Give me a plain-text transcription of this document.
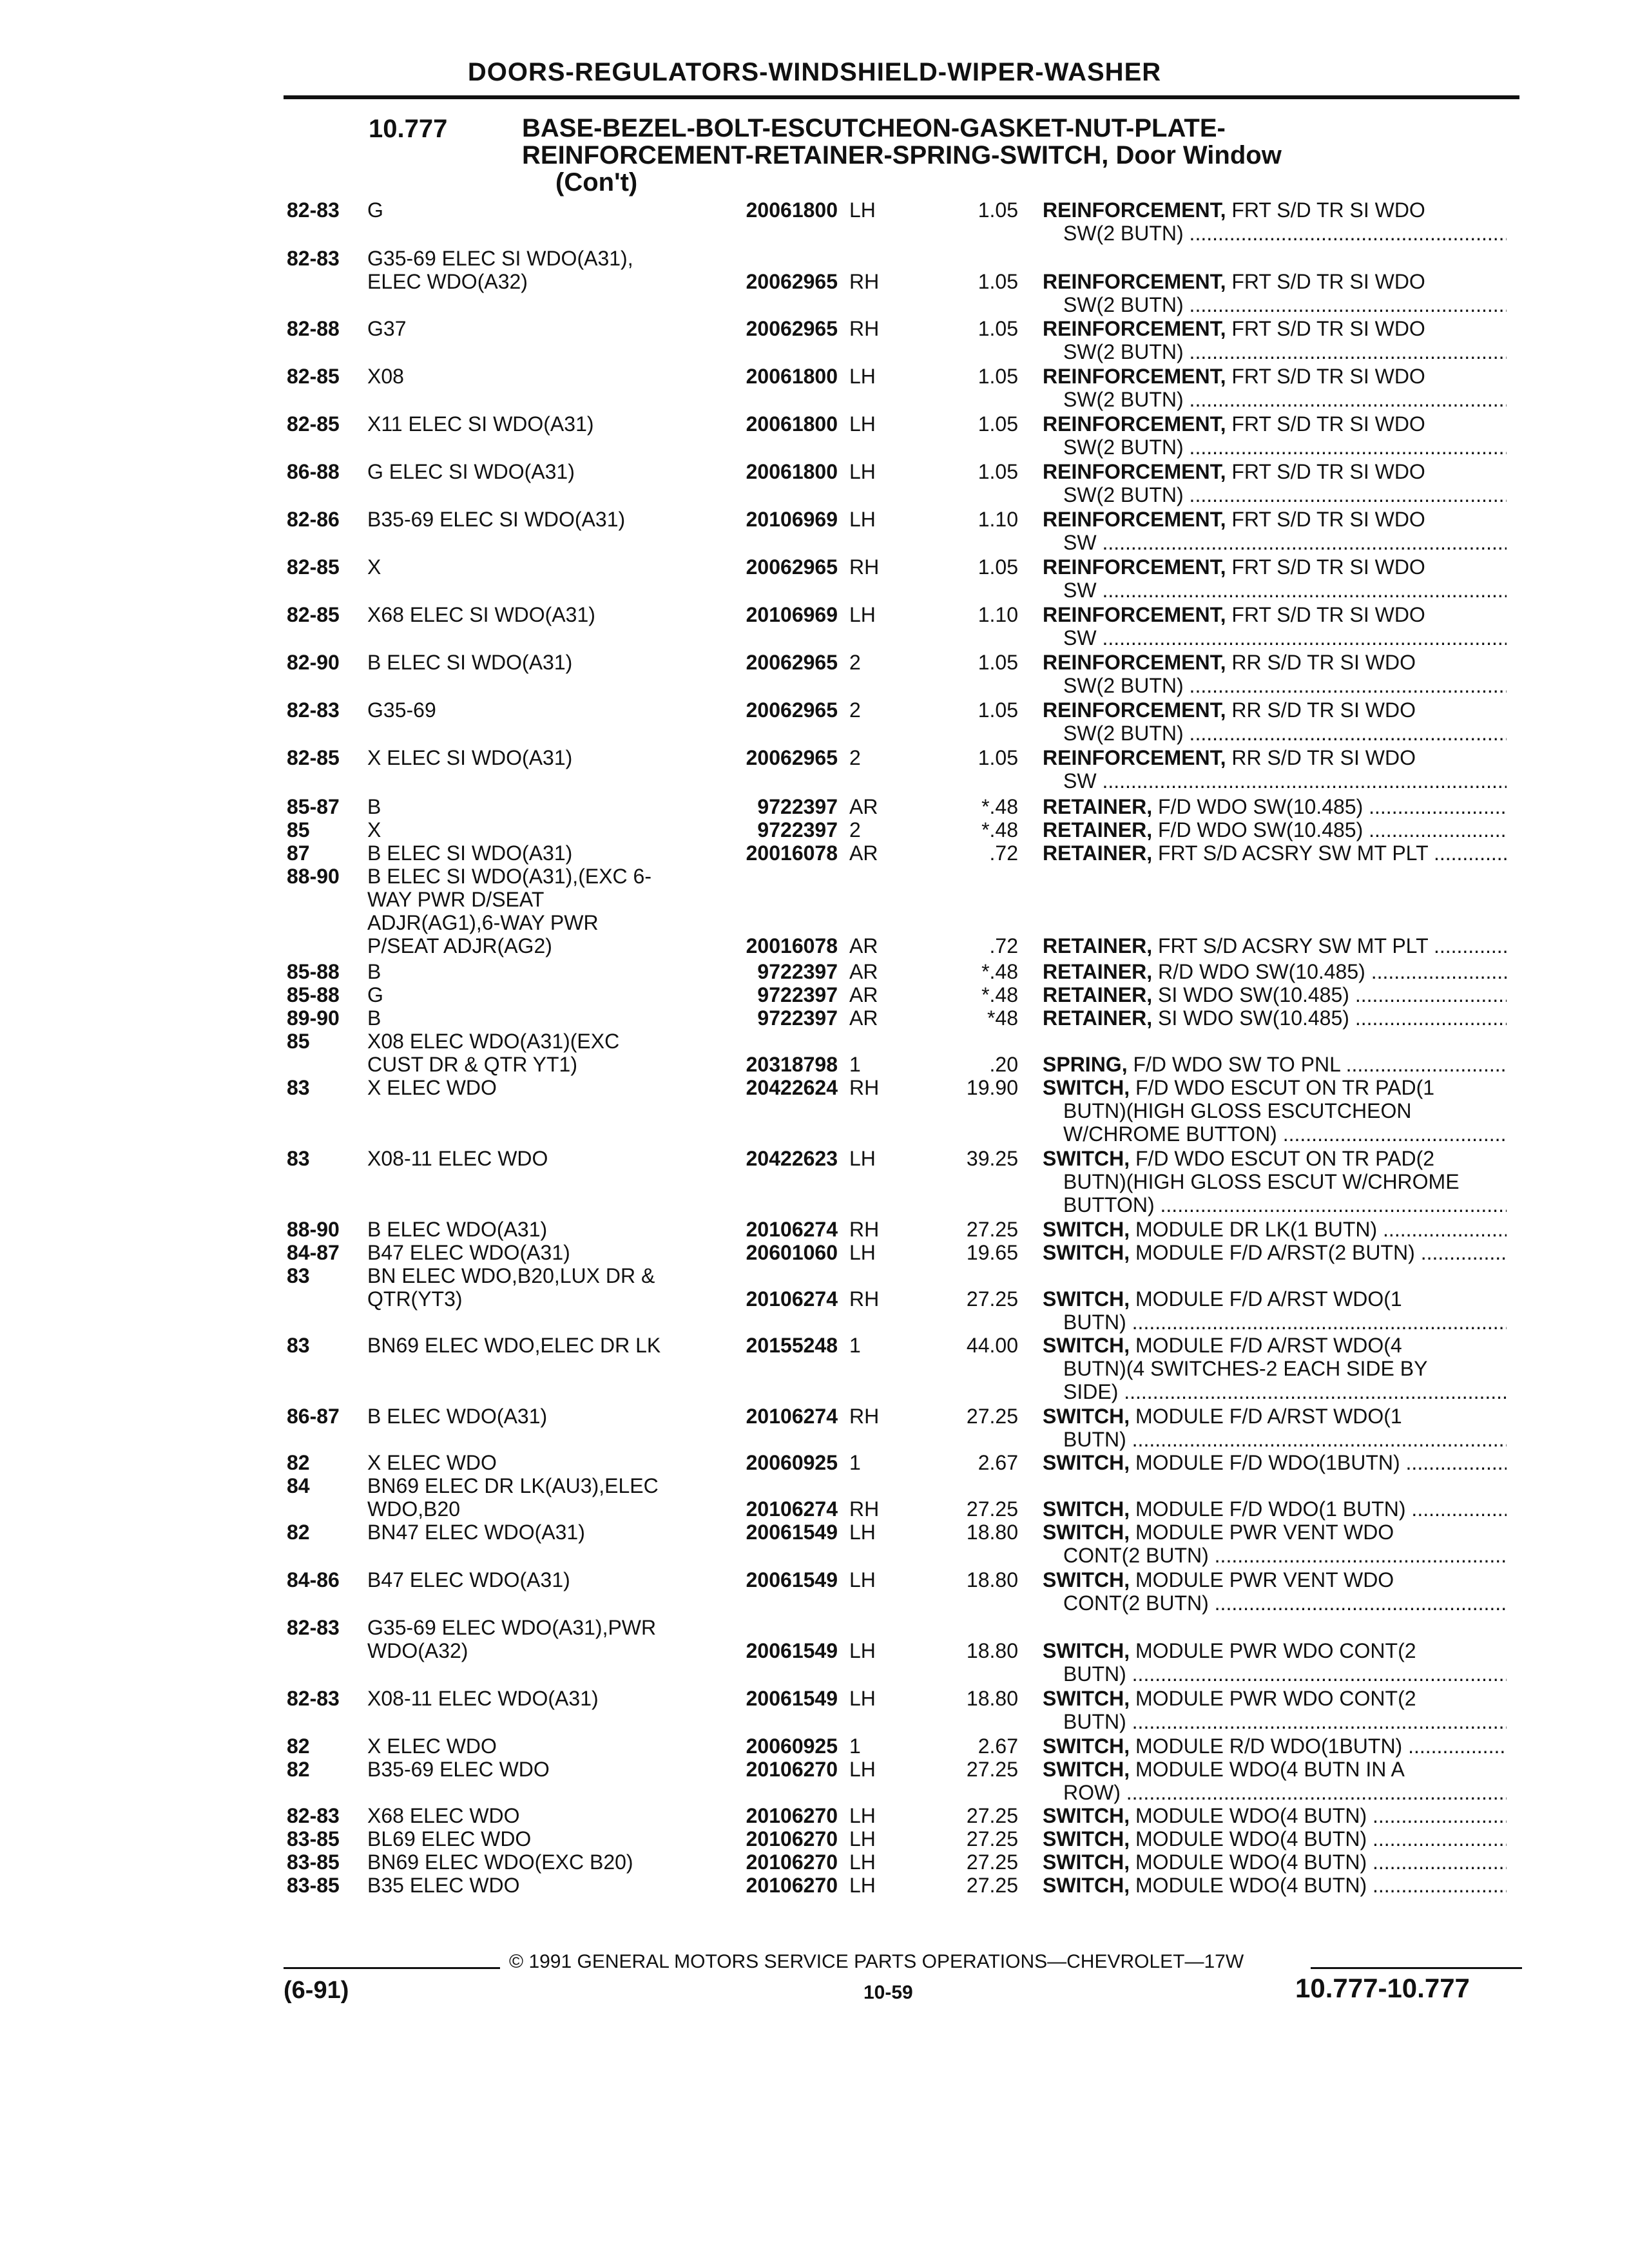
DOORS-REGULATORS-WINDSHIELD-WIPER-WASHER
10.777	BASE-BEZEL-BOLT-ESCUTCHEON-GASKET-NUT-PLATE-
REINFORCEMENT-RETAINER-SPRING-SWITCH, Door Window
(Con't)
82-83 G	20061800 LH	1.05 REINFORCEMENT, FRT S/D TR SI WDO
SW(2 BUTN) .....
82-83 G35-69 ELEC SI WDO(A31),
ELEC WDO(A32)	20062965 RH	1.05 REINFORCEMENT, FRT S/D TR SI WDO
SW(2 BUTN) .....
82-88 G37	20062965 RH	1.05 REINFORCEMENT, FRT S/D TR SI WDO
SW(2 BUTN) .....
82-85 X08	20061800 LH	1.05 REINFORCEMENT, FRT S/D TR SI WDO
SW(2 BUTN) .....
82-85 X11 ELEC SI WDO(A31)	20061800 LH	1.05 REINFORCEMENT, FRT S/D TR SI WDO
SW(2 BUTN) .....
86-88 G ELEC SI WDO(A31)	20061800 LH	1.05 REINFORCEMENT, FRT S/D TR SI WDO
SW(2 BUTN) .....
82-86 B35-69 ELEC SI WDO(A31)	20106969 LH	1.10 REINFORCEMENT, FRT S/D TR SI WDO
SW .....
82-85 X	20062965 RH	1.05 REINFORCEMENT, FRT S/D TR SI WDO
SW .....
82-85 X68 ELEC SI WDO(A31)	20106969 LH	1.10 REINFORCEMENT, FRT S/D TR SI WDO
SW .....
82-90 B ELEC SI WDO(A31)	20062965 2	1.05 REINFORCEMENT, RR S/D TR SI WDO
SW(2 BUTN) .....
82-83 G35-69	20062965 2	1.05 REINFORCEMENT, RR S/D TR SI WDO
SW(2 BUTN) .....
82-85 X ELEC SI WDO(A31)	20062965 2	1.05 REINFORCEMENT, RR S/D TR SI WDO
SW .....
85-87 B	9722397 AR	*.48 RETAINER, F/D WDO SW(10.485) .....
85	X	9722397 2	*.48 RETAINER, F/D WDO SW(10.485) .....
87	B ELEC SI WDO(A31)	20016078 AR	.72 RETAINER, FRT S/D ACSRY SW MT PLT .....
88-90 B ELEC SI WDO(A31),(EXC 6-
WAY PWR D/SEAT
ADJR(AG1),6-WAY PWR
P/SEAT ADJR(AG2)	20016078 AR	.72 RETAINER, FRT S/D ACSRY SW MT PLT .....
85-88 B	9722397 AR	*.48 RETAINER, R/D WDO SW(10.485) .....
85-88 G	9722397 AR	*.48 RETAINER, SI WDO SW(10.485) .....
89-90 B	9722397 AR	*48 RETAINER, SI WDO SW(10.485) .....
85	X08 ELEC WDO(A31)(EXC
CUST DR & QTR YT1)	20318798 1	.20 SPRING, F/D WDO SW TO PNL .....
83	X ELEC WDO	20422624 RH	19.90 SWITCH, F/D WDO ESCUT ON TR PAD(1
BUTN)(HIGH GLOSS ESCUTCHEON
W/CHROME BUTTON) .....
83	X08-11 ELEC WDO	20422623 LH	39.25 SWITCH, F/D WDO ESCUT ON TR PAD(2
BUTN)(HIGH GLOSS ESCUT W/CHROME
BUTTON) .....
88-90 B ELEC WDO(A31)	20106274 RH	27.25 SWITCH, MODULE DR LK(1 BUTN) .....
84-87 B47 ELEC WDO(A31)	20601060 LH	19.65 SWITCH, MODULE F/D A/RST(2 BUTN) .....
83	BN ELEC WDO,B20,LUX DR &
QTR(YT3)	20106274 RH	27.25 SWITCH, MODULE F/D A/RST WDO(1
BUTN) .....
83	BN69 ELEC WDO,ELEC DR LK	20155248 1	44.00 SWITCH, MODULE F/D A/RST WDO(4
BUTN)(4 SWITCHES-2 EACH SIDE BY
SIDE) .....
86-87 B ELEC WDO(A31)	20106274 RH	27.25 SWITCH, MODULE F/D A/RST WDO(1
BUTN) .....
82	X ELEC WDO	20060925 1	2.67 SWITCH, MODULE F/D WDO(1BUTN) .....
84	BN69 ELEC DR LK(AU3),ELEC
WDO,B20	20106274 RH	27.25 SWITCH, MODULE F/D WDO(1 BUTN) .....
82	BN47 ELEC WDO(A31)	20061549 LH	18.80 SWITCH, MODULE PWR VENT WDO
CONT(2 BUTN) .....
84-86 B47 ELEC WDO(A31)	20061549 LH	18.80 SWITCH, MODULE PWR VENT WDO
CONT(2 BUTN) .....
82-83 G35-69 ELEC WDO(A31),PWR
WDO(A32)	20061549 LH	18.80 SWITCH, MODULE PWR WDO CONT(2
BUTN) .....
82-83 X08-11 ELEC WDO(A31)	20061549 LH	18.80 SWITCH, MODULE PWR WDO CONT(2
BUTN) .....
82	X ELEC WDO	20060925 1	2.67 SWITCH, MODULE R/D WDO(1BUTN) .....
82	B35-69 ELEC WDO	20106270 LH	27.25 SWITCH, MODULE WDO(4 BUTN IN A
ROW) .....
82-83 X68 ELEC WDO	20106270 LH	27.25 SWITCH, MODULE WDO(4 BUTN) .....
83-85 BL69 ELEC WDO	20106270 LH	27.25 SWITCH, MODULE WDO(4 BUTN) .....
83-85 BN69 ELEC WDO(EXC B20)	20106270 LH	27.25 SWITCH, MODULE WDO(4 BUTN) .....
83-85 B35 ELEC WDO	20106270 LH	27.25 SWITCH, MODULE WDO(4 BUTN) .....
© 1991 GENERAL MOTORS SERVICE PARTS OPERATIONS—CHEVROLET—17W
(6-91)	10-59	10.777-10.777
